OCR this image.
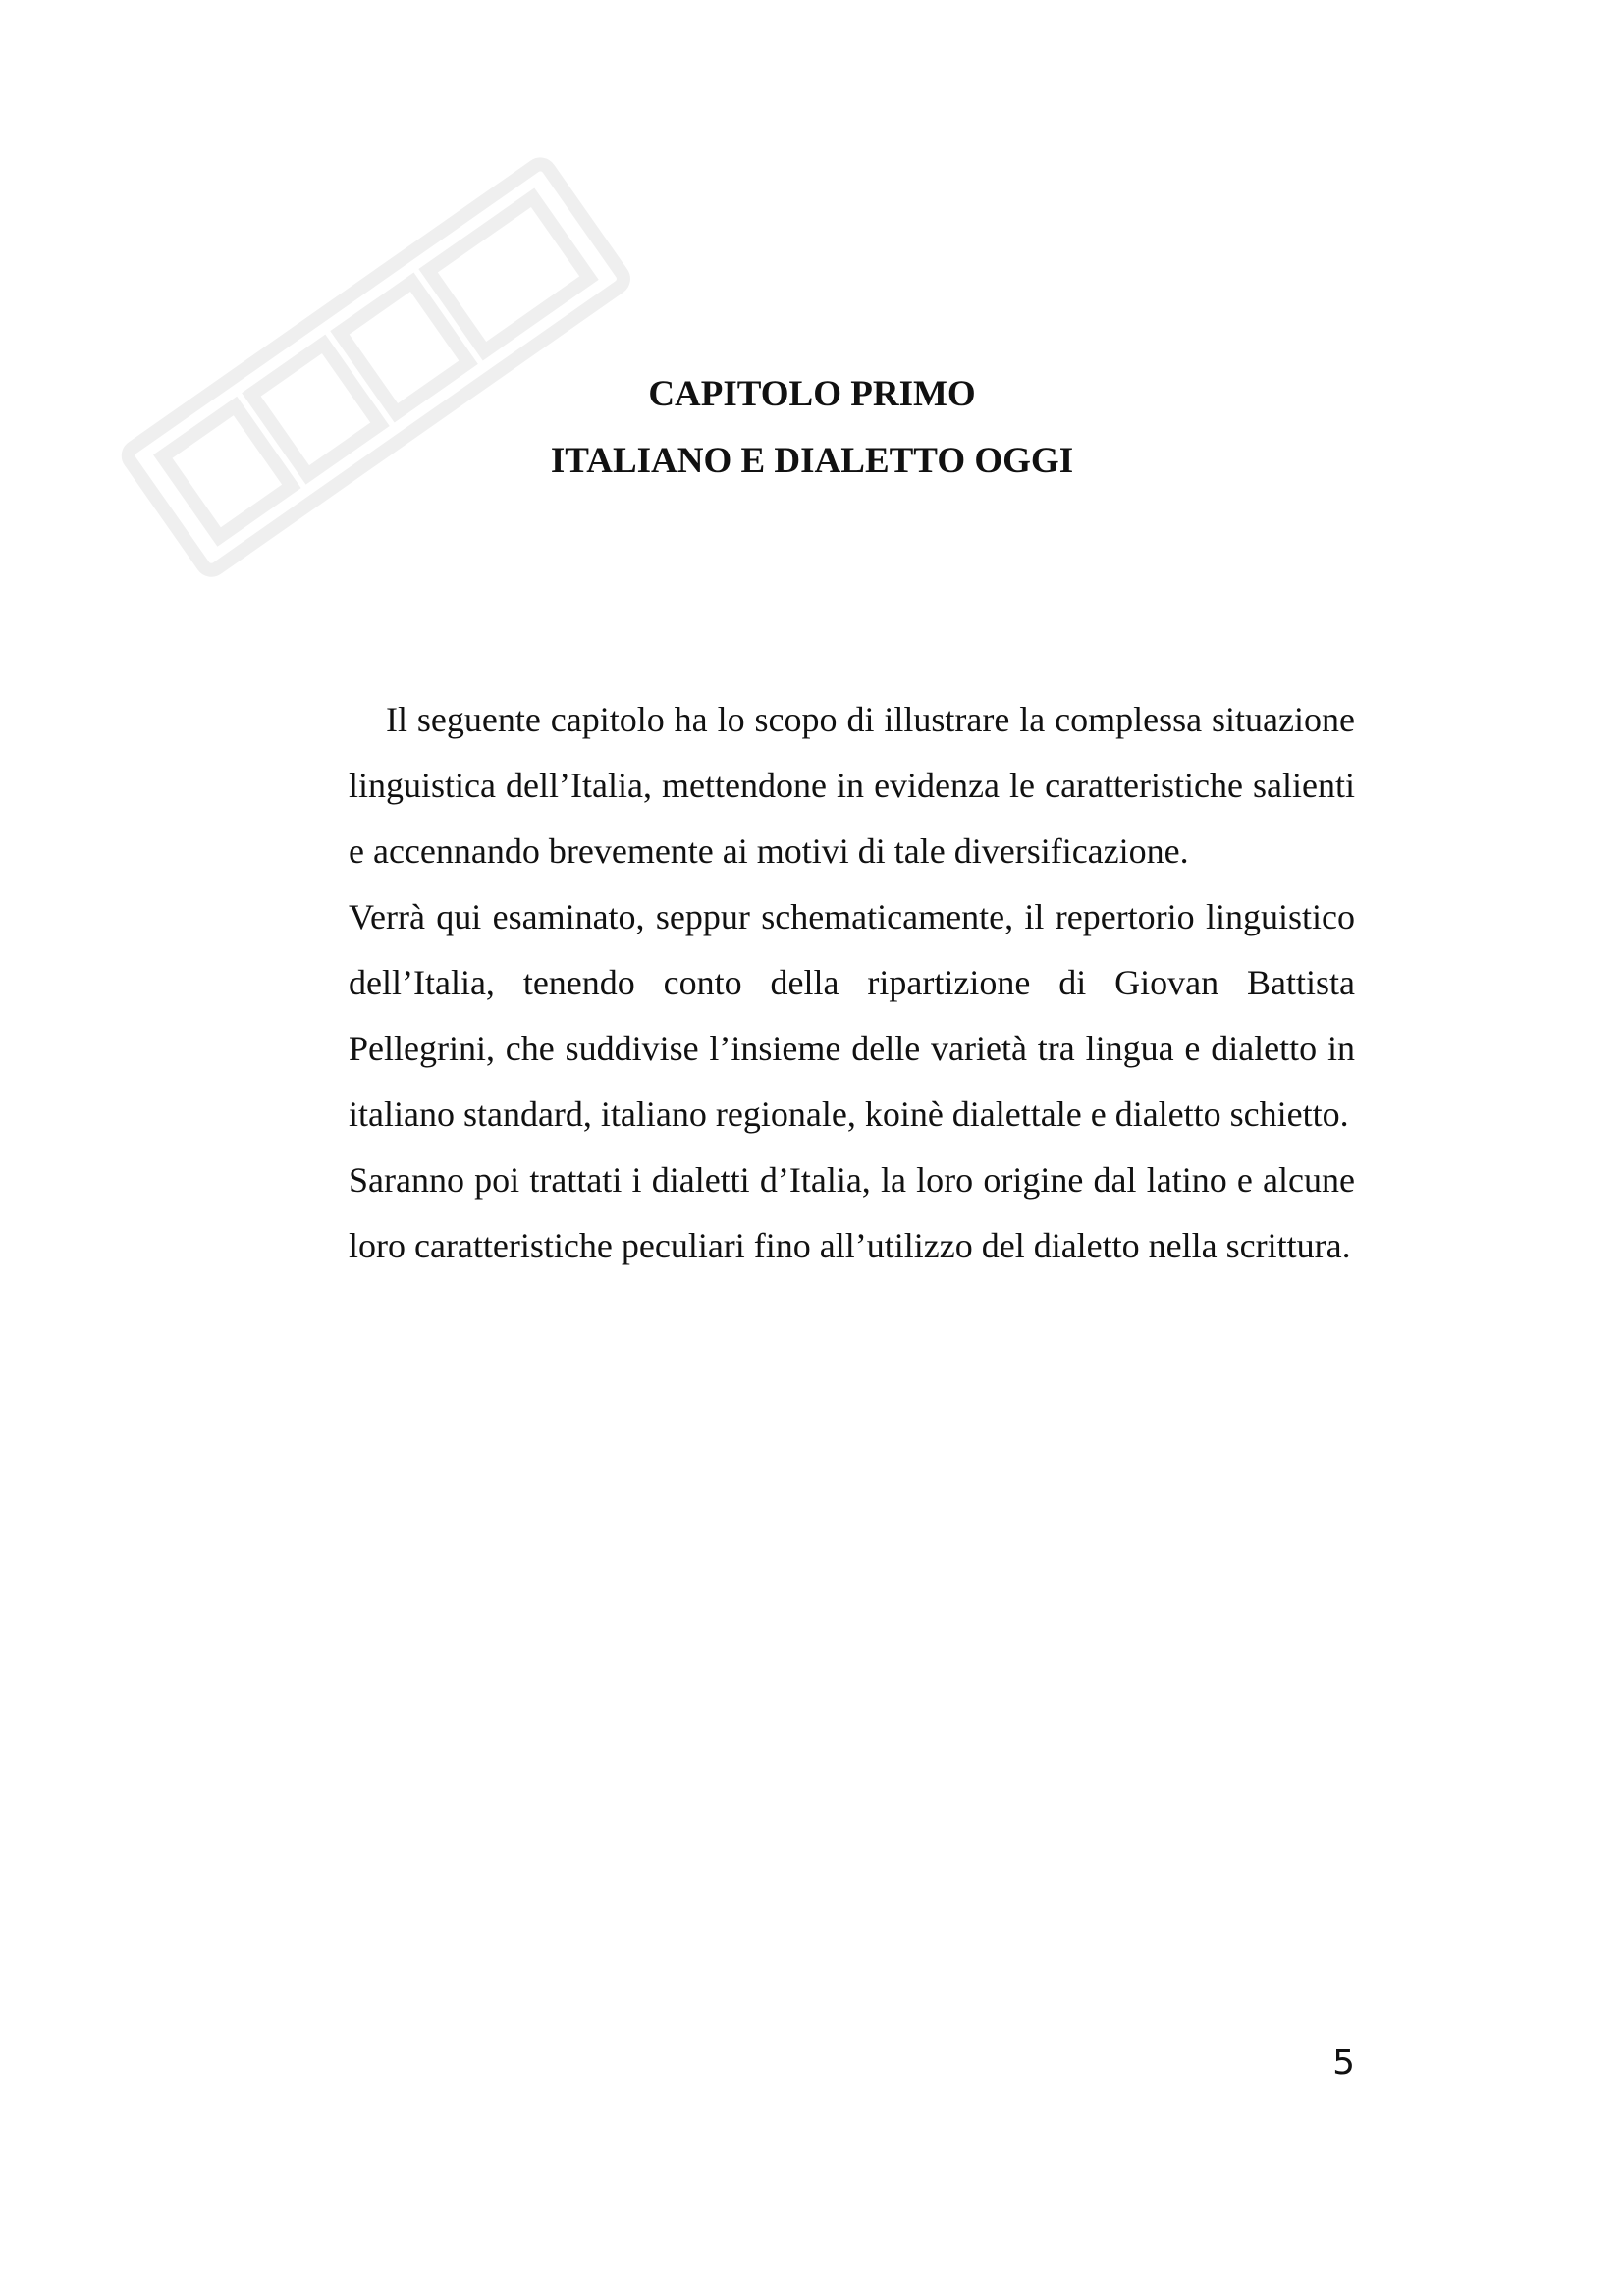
CAPITOLO PRIMO
ITALIANO E DIALETTO OGGI

Il seguente capitolo ha lo scopo di illustrare la complessa situazione linguistica dell’Italia, mettendone in evidenza le caratteristiche salienti e accennando brevemente ai motivi di tale diversificazione.

Verrà qui esaminato, seppur schematicamente, il repertorio linguistico dell’Italia, tenendo conto della ripartizione di Giovan Battista Pellegrini, che suddivise l’insieme delle varietà tra lingua e dialetto in italiano standard, italiano regionale, koinè dialettale e dialetto schietto.

Saranno poi trattati i dialetti d’Italia, la loro origine dal latino e alcune loro caratteristiche peculiari fino all’utilizzo del dialetto nella scrittura.

5
